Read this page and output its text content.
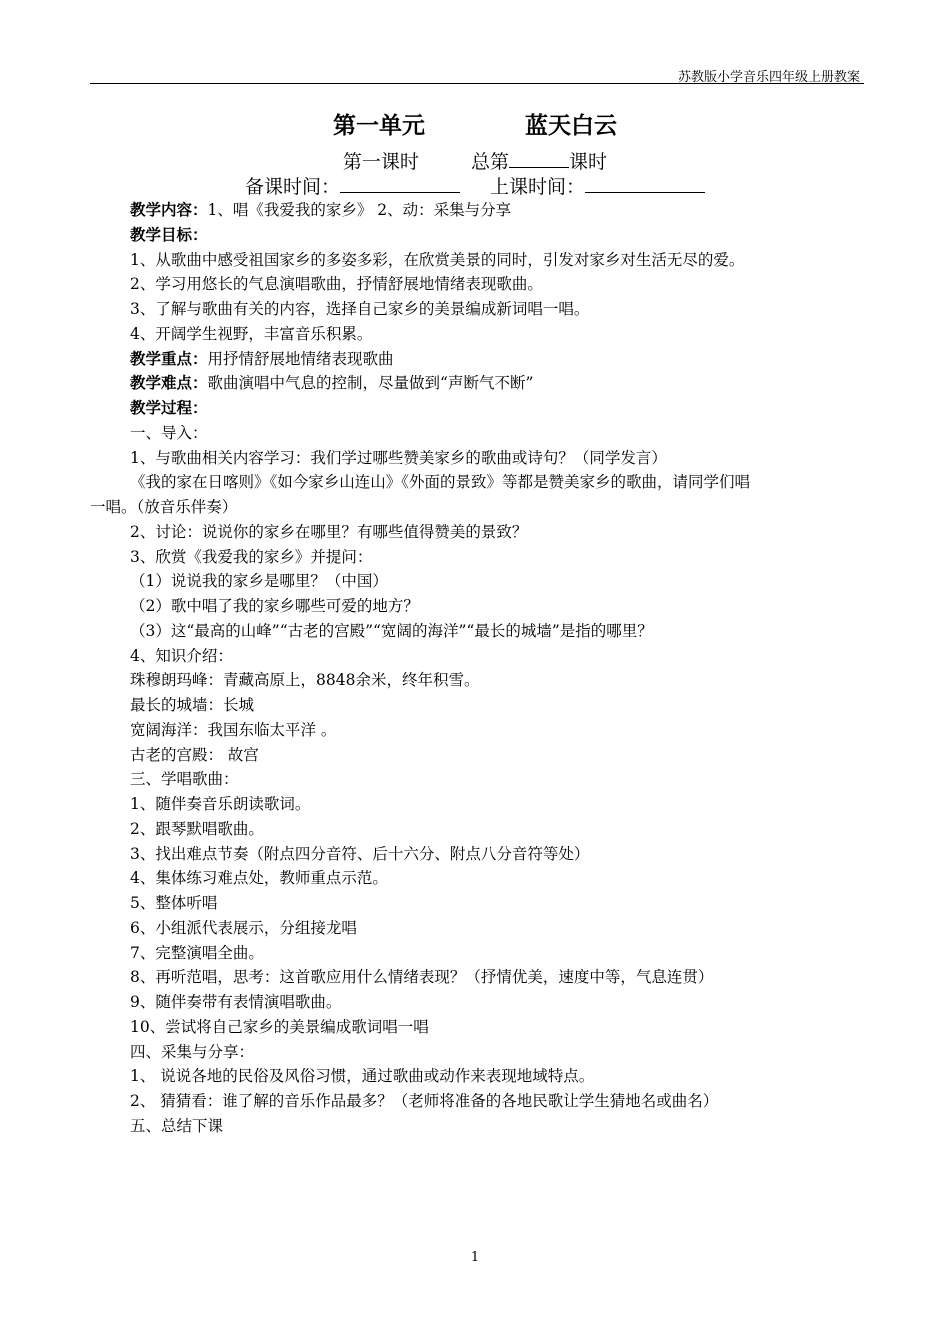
苏教版小学音乐四年级上册教案
第一单元	蓝天白云
第一课时	总第	课时
备课时间：	上课时间：
教学内容：1、唱《我爱我的家乡》 2、动：采集与分享
教学目标：
1、从歌曲中感受祖国家乡的多姿多彩，在欣赏美景的同时，引发对家乡对生活无尽的爱。
2、学习用悠长的气息演唱歌曲，抒情舒展地情绪表现歌曲。
3、了解与歌曲有关的内容，选择自己家乡的美景编成新词唱一唱。
4、开阔学生视野，丰富音乐积累。
教学重点：用抒情舒展地情绪表现歌曲
教学难点：歌曲演唱中气息的控制，尽量做到“声断气不断”
教学过程：
一、导入：
1、与歌曲相关内容学习：我们学过哪些赞美家乡的歌曲或诗句？（同学发言）
《我的家在日喀则》《如今家乡山连山》《外面的景致》等都是赞美家乡的歌曲，请同学们唱
一唱。（放音乐伴奏）
2、讨论：说说你的家乡在哪里？有哪些值得赞美的景致？
3、欣赏《我爱我的家乡》并提问：
（1）说说我的家乡是哪里？（中国）
（2）歌中唱了我的家乡哪些可爱的地方？
（3）这“最高的山峰”“古老的宫殿”“宽阔的海洋”“最长的城墙”是指的哪里？
4、知识介绍：
珠穆朗玛峰：青藏高原上，8848余米，终年积雪。
最长的城墙：长城
宽阔海洋：我国东临太平洋 。
古老的宫殿： 故宫
三、学唱歌曲：
1、随伴奏音乐朗读歌词。
2、跟琴默唱歌曲。
3、找出难点节奏（附点四分音符、后十六分、附点八分音符等处）
4、集体练习难点处，教师重点示范。
5、整体听唱
6、小组派代表展示，分组接龙唱
7、完整演唱全曲。
8、再听范唱，思考：这首歌应用什么情绪表现？（抒情优美，速度中等，气息连贯）
9、随伴奏带有表情演唱歌曲。
10、尝试将自己家乡的美景编成歌词唱一唱
四、采集与分享：
1、 说说各地的民俗及风俗习惯，通过歌曲或动作来表现地域特点。
2、 猜猜看：谁了解的音乐作品最多？（老师将准备的各地民歌让学生猜地名或曲名）
五、总结下课
1
